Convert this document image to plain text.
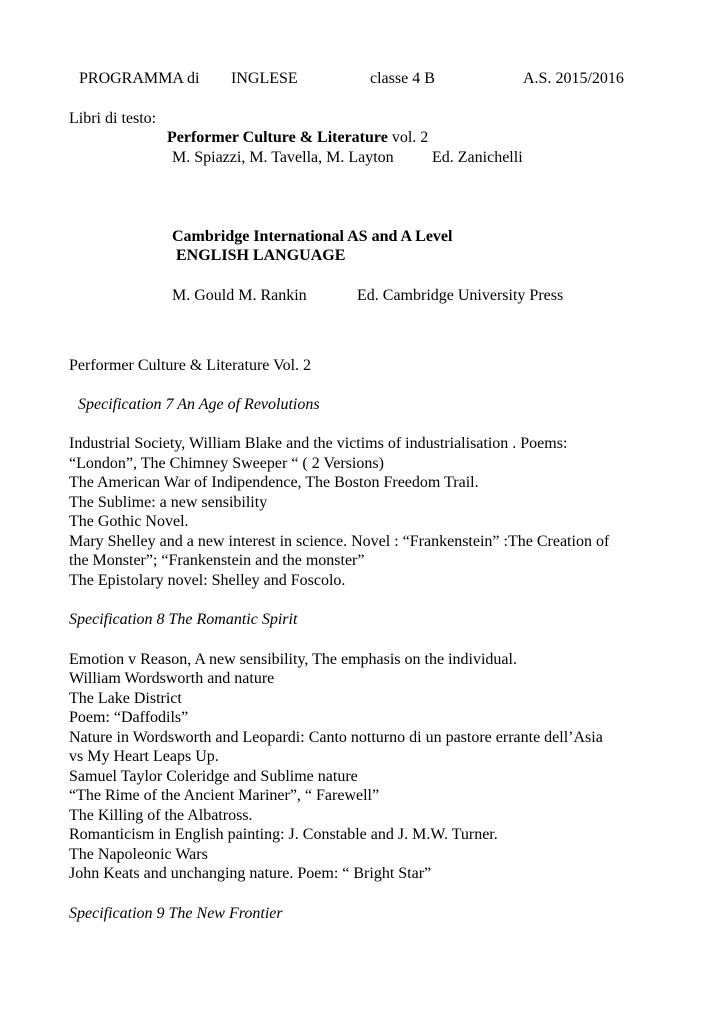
PROGRAMMA di INGLESE	classe 4 B	A.S. 2015/2016
Libri di testo:
Performer Culture & Literature vol. 2
M. Spiazzi, M. Tavella, M. Layton Ed. Zanichelli
Cambridge International AS and A Level
ENGLISH LANGUAGE
M. Gould M. Rankin	Ed. Cambridge University Press
Performer Culture & Literature Vol. 2
Specification 7 An Age of Revolutions
Industrial Society, William Blake and the victims of industrialisation . Poems:
“London”, The Chimney Sweeper “ ( 2 Versions)
The American War of Indipendence, The Boston Freedom Trail.
The Sublime: a new sensibility
The Gothic Novel.
Mary Shelley and a new interest in science. Novel : “Frankenstein” :The Creation of
the Monster”; “Frankenstein and the monster”
The Epistolary novel: Shelley and Foscolo.
Specification 8 The Romantic Spirit
Emotion v Reason, A new sensibility, The emphasis on the individual.
William Wordsworth and nature
The Lake District
Poem: “Daffodils”
Nature in Wordsworth and Leopardi: Canto notturno di un pastore errante dell’Asia
vs My Heart Leaps Up.
Samuel Taylor Coleridge and Sublime nature
“The Rime of the Ancient Mariner”, “ Farewell”
The Killing of the Albatross.
Romanticism in English painting: J. Constable and J. M.W. Turner.
The Napoleonic Wars
John Keats and unchanging nature. Poem: “ Bright Star”
Specification 9 The New Frontier
